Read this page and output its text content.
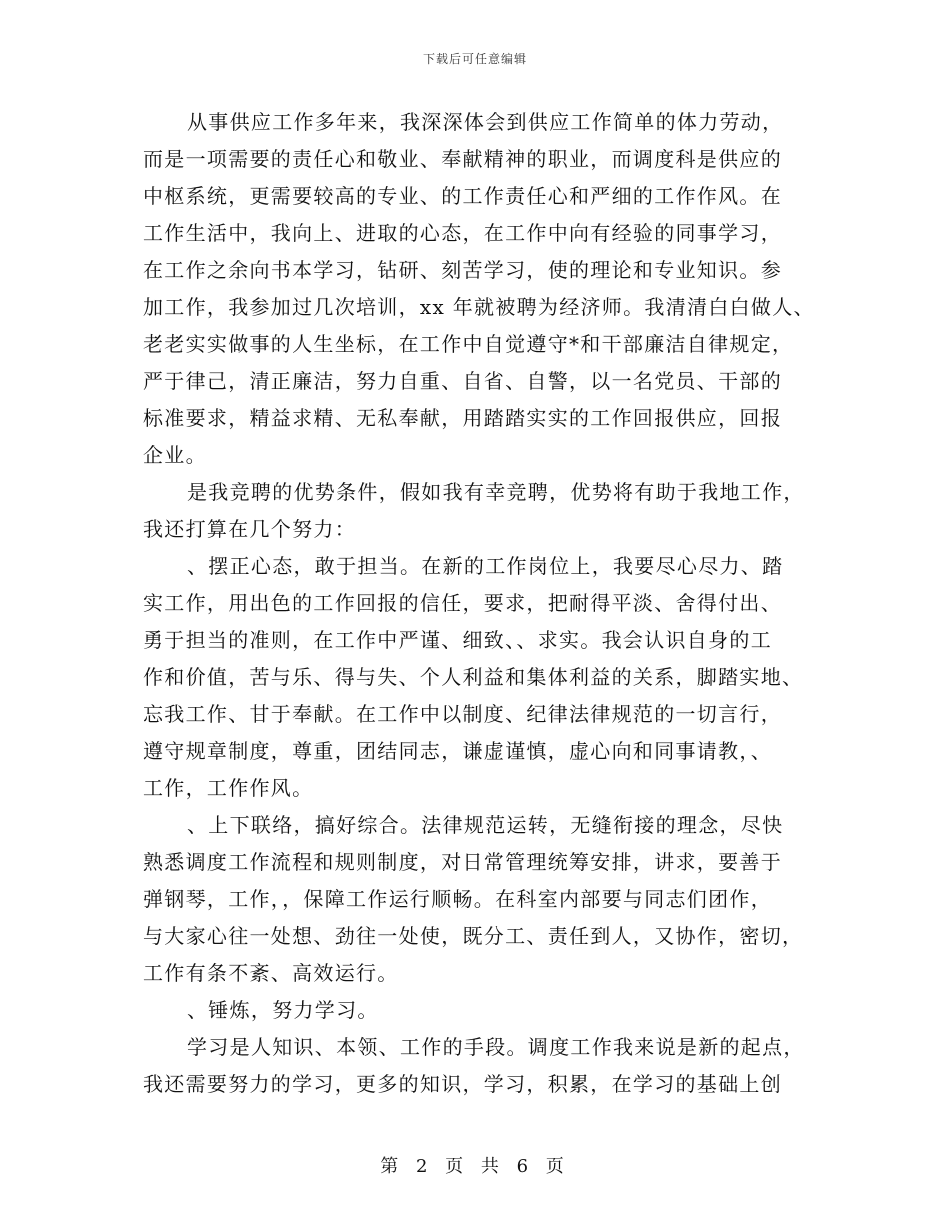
下载后可任意编辑
从事供应工作多年来，我深深体会到供应工作简单的体力劳动，
而是一项需要的责任心和敬业、奉献精神的职业，而调度科是供应的
中枢系统，更需要较高的专业、的工作责任心和严细的工作作风。在
工作生活中，我向上、进取的心态，在工作中向有经验的同事学习，
在工作之余向书本学习，钻研、刻苦学习，使的理论和专业知识。参
加工作，我参加过几次培训，xx 年就被聘为经济师。我清清白白做人、
老老实实做事的人生坐标，在工作中自觉遵守*和干部廉洁自律规定，
严于律己，清正廉洁，努力自重、自省、自警，以一名党员、干部的
标准要求，精益求精、无私奉献，用踏踏实实的工作回报供应，回报
企业。
是我竞聘的优势条件，假如我有幸竞聘，优势将有助于我地工作，
我还打算在几个努力：
、摆正心态，敢于担当。在新的工作岗位上，我要尽心尽力、踏
实工作，用出色的工作回报的信任，要求，把耐得平淡、舍得付出、
勇于担当的准则，在工作中严谨、细致、、求实。我会认识自身的工
作和价值，苦与乐、得与失、个人利益和集体利益的关系，脚踏实地、
忘我工作、甘于奉献。在工作中以制度、纪律法律规范的一切言行，
遵守规章制度，尊重，团结同志，谦虚谨慎，虚心向和同事请教，、
工作，工作作风。
、上下联络，搞好综合。法律规范运转，无缝衔接的理念，尽快
熟悉调度工作流程和规则制度，对日常管理统筹安排，讲求，要善于
弹钢琴，工作，，保障工作运行顺畅。在科室内部要与同志们团作，
与大家心往一处想、劲往一处使，既分工、责任到人，又协作，密切，
工作有条不紊、高效运行。
、锤炼，努力学习。
学习是人知识、本领、工作的手段。调度工作我来说是新的起点，
我还需要努力的学习，更多的知识，学习，积累，在学习的基础上创
第 2 页 共 6 页
